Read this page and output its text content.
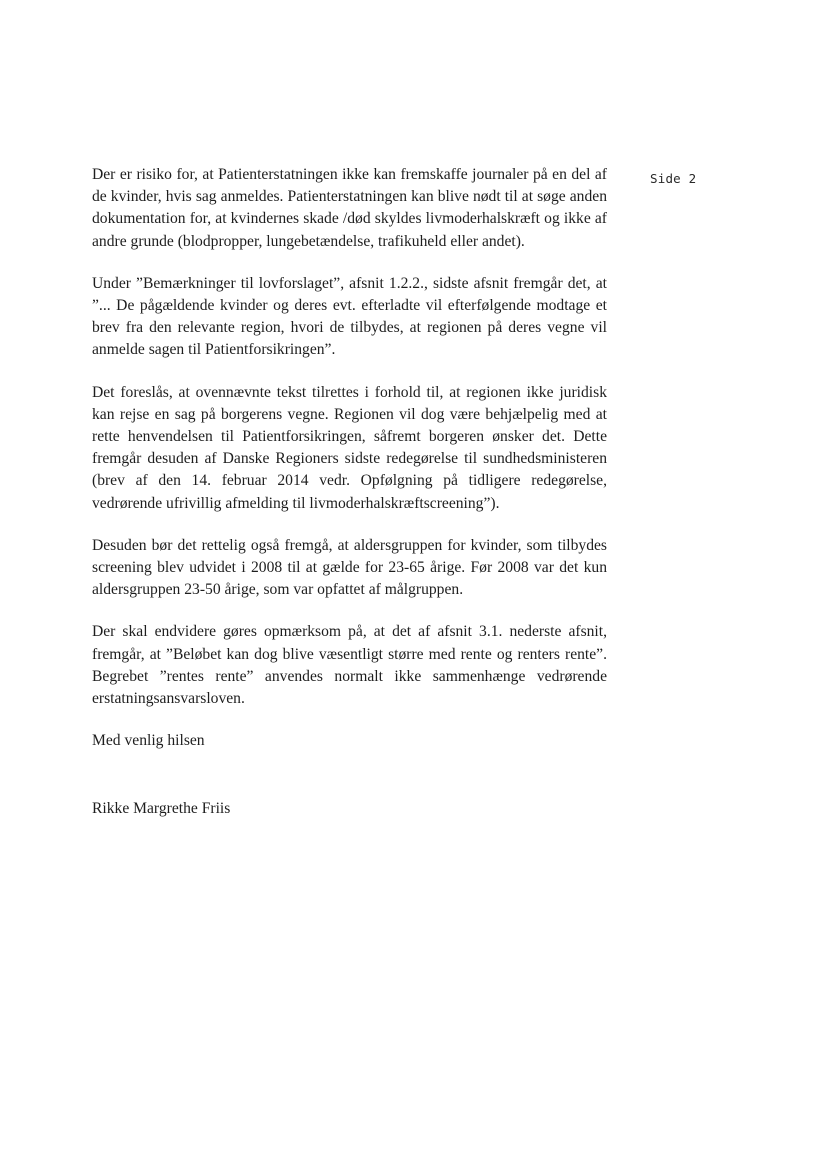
Side 2

Der er risiko for, at Patienterstatningen ikke kan fremskaffe journaler på en del af de kvinder, hvis sag anmeldes. Patienterstatningen kan blive nødt til at søge anden dokumentation for, at kvindernes skade /død skyldes livmoderhalskræft og ikke af andre grunde (blodpropper, lungebetændelse, trafikuheld eller andet).

Under ”Bemærkninger til lovforslaget”, afsnit 1.2.2., sidste afsnit fremgår det, at ”... De pågældende kvinder og deres evt. efterladte vil efterfølgende modtage et brev fra den relevante region, hvori de tilbydes, at regionen på deres vegne vil anmelde sagen til Patientforsikringen”.

Det foreslås, at ovennævnte tekst tilrettes i forhold til, at regionen ikke juridisk kan rejse en sag på borgerens vegne. Regionen vil dog være behjælpelig med at rette henvendelsen til Patientforsikringen, såfremt borgeren ønsker det. Dette fremgår desuden af Danske Regioners sidste redegørelse til sundhedsministeren (brev af den 14. februar 2014 vedr. Opfølgning på tidligere redegørelse, vedrørende ufrivillig afmelding til livmoderhalskræftscreening”).

Desuden bør det rettelig også fremgå, at aldersgruppen for kvinder, som tilbydes screening blev udvidet i 2008 til at gælde for 23-65 årige. Før 2008 var det kun aldersgruppen 23-50 årige, som var opfattet af målgruppen.

Der skal endvidere gøres opmærksom på, at det af afsnit 3.1. nederste afsnit, fremgår, at ”Beløbet kan dog blive væsentligt større med rente og renters rente”. Begrebet ”rentes rente” anvendes normalt ikke sammenhænge vedrørende erstatningsansvarsloven.

Med venlig hilsen

Rikke Margrethe Friis
